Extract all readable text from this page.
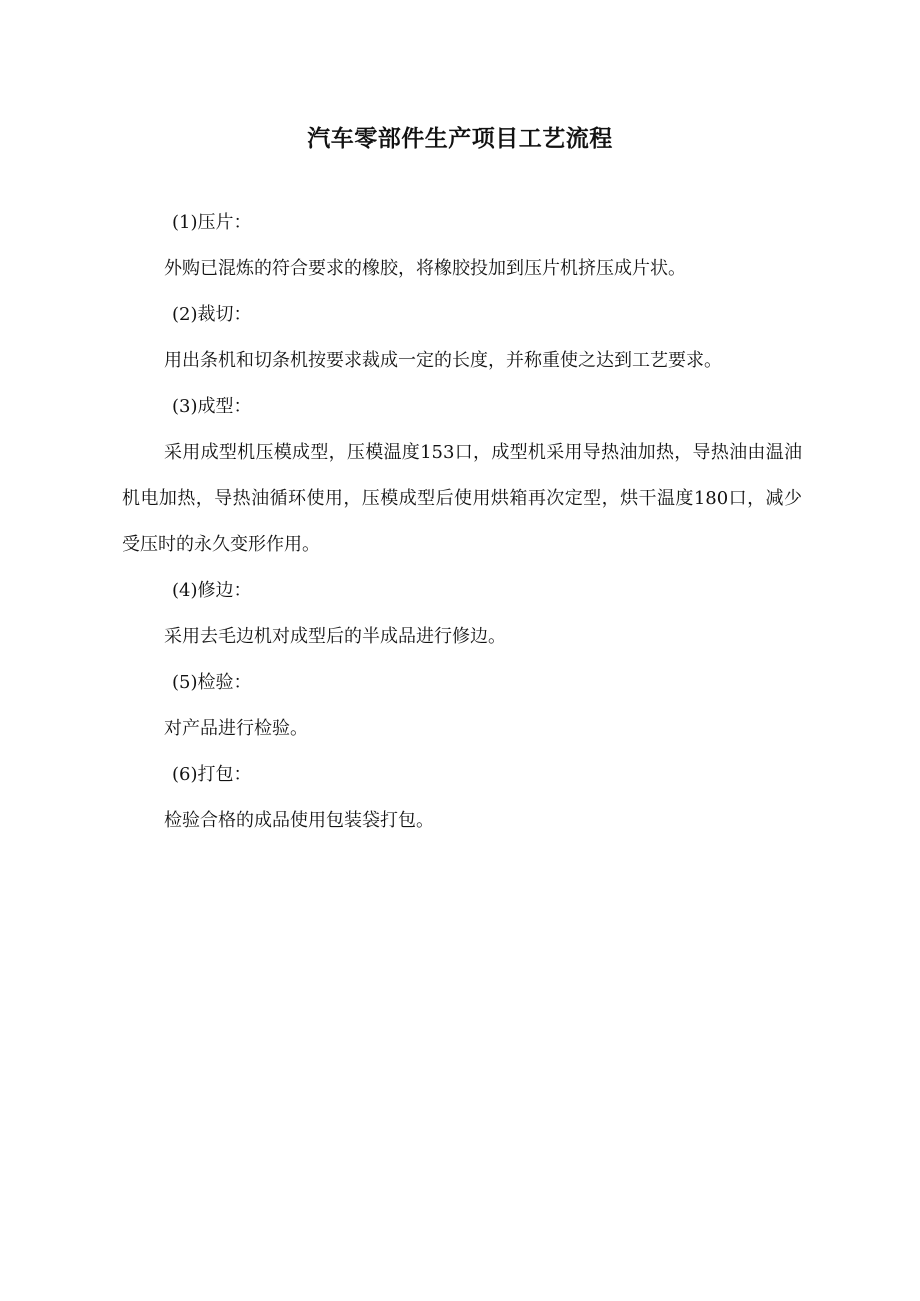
汽车零部件生产项目工艺流程

(1)压片：

外购已混炼的符合要求的橡胶，将橡胶投加到压片机挤压成片状。

(2)裁切：

用出条机和切条机按要求裁成一定的长度，并称重使之达到工艺要求。

(3)成型：

采用成型机压模成型，压模温度153口，成型机采用导热油加热，导热油由温油机电加热，导热油循环使用，压模成型后使用烘箱再次定型，烘干温度180口，减少受压时的永久变形作用。

(4)修边：

采用去毛边机对成型后的半成品进行修边。

(5)检验：

对产品进行检验。

(6)打包：

检验合格的成品使用包装袋打包。
